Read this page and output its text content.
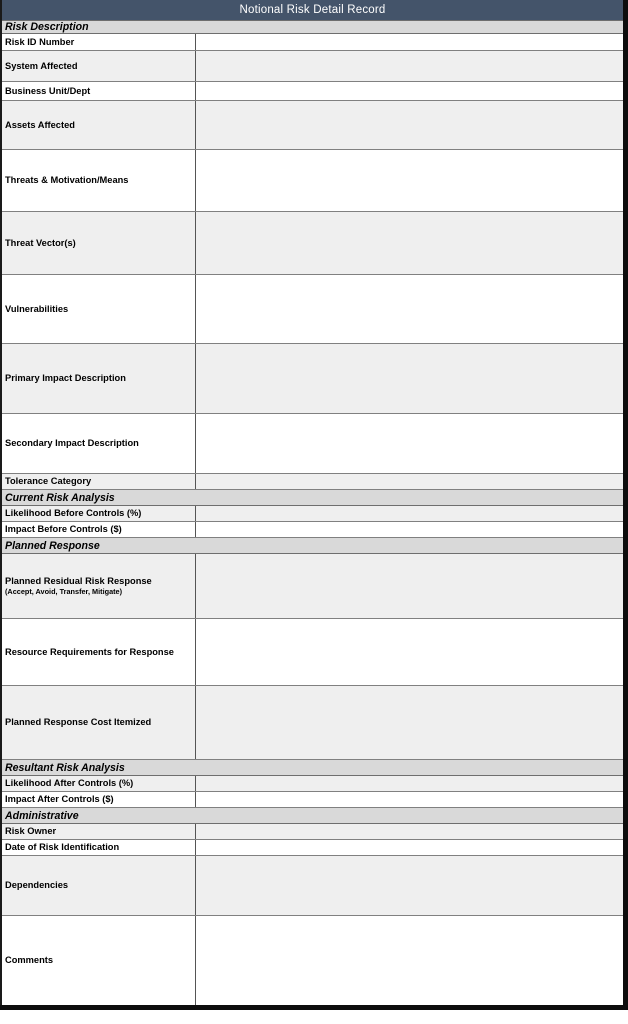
Notional Risk Detail Record
Risk Description	
Risk ID Number	
System Affected	
Business Unit/Dept	
Assets Affected	
Threats & Motivation/Means	
Threat Vector(s)	
Vulnerabilities	
Primary Impact Description	
Secondary Impact Description	
Tolerance Category	
Current Risk Analysis	
Likelihood Before Controls (%)	
Impact Before Controls ($)	
Planned Response	

Planned Residual Risk Response
(Accept, Avoid, Transfer, Mitigate)	

Resource Requirements for Response	
Planned Response Cost Itemized	
Resultant Risk Analysis	
Likelihood After Controls (%)	
Impact After Controls ($)	
Administrative	
Risk Owner	
Date of Risk Identification	
Dependencies	
Comments	
